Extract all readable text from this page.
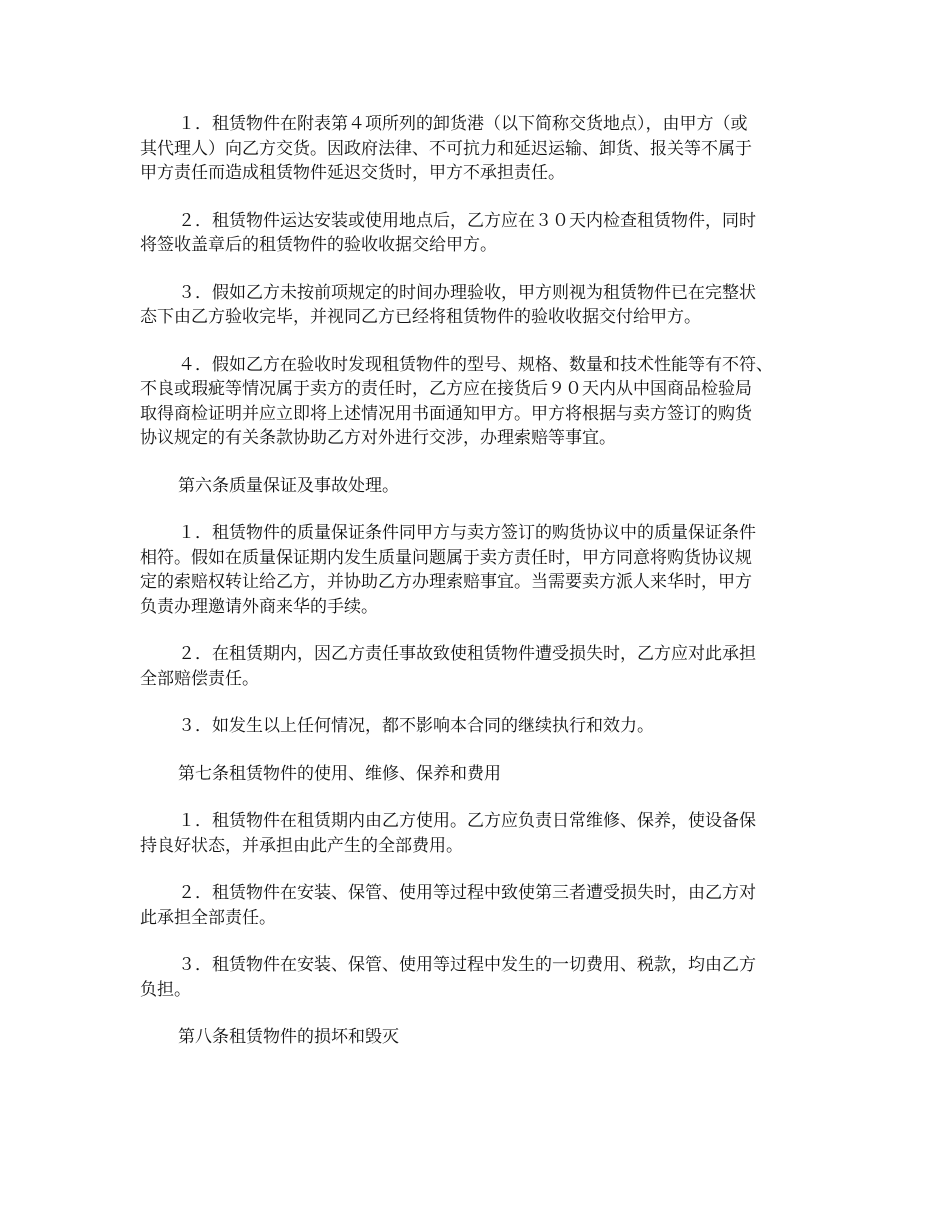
１．租赁物件在附表第４项所列的卸货港（以下简称交货地点），由甲方（或
其代理人）向乙方交货。因政府法律、不可抗力和延迟运输、卸货、报关等不属于
甲方责任而造成租赁物件延迟交货时，甲方不承担责任。
２．租赁物件运达安装或使用地点后，乙方应在３０天内检查租赁物件，同时
将签收盖章后的租赁物件的验收收据交给甲方。
３．假如乙方未按前项规定的时间办理验收，甲方则视为租赁物件已在完整状
态下由乙方验收完毕，并视同乙方已经将租赁物件的验收收据交付给甲方。
４．假如乙方在验收时发现租赁物件的型号、规格、数量和技术性能等有不符、
不良或瑕疵等情况属于卖方的责任时，乙方应在接货后９０天内从中国商品检验局
取得商检证明并应立即将上述情况用书面通知甲方。甲方将根据与卖方签订的购货
协议规定的有关条款协助乙方对外进行交涉，办理索赔等事宜。
第六条质量保证及事故处理。
１．租赁物件的质量保证条件同甲方与卖方签订的购货协议中的质量保证条件
相符。假如在质量保证期内发生质量问题属于卖方责任时，甲方同意将购货协议规
定的索赔权转让给乙方，并协助乙方办理索赔事宜。当需要卖方派人来华时，甲方
负责办理邀请外商来华的手续。
２．在租赁期内，因乙方责任事故致使租赁物件遭受损失时，乙方应对此承担
全部赔偿责任。
３．如发生以上任何情况，都不影响本合同的继续执行和效力。
第七条租赁物件的使用、维修、保养和费用
１．租赁物件在租赁期内由乙方使用。乙方应负责日常维修、保养，使设备保
持良好状态，并承担由此产生的全部费用。
２．租赁物件在安装、保管、使用等过程中致使第三者遭受损失时，由乙方对
此承担全部责任。
３．租赁物件在安装、保管、使用等过程中发生的一切费用、税款，均由乙方
负担。
第八条租赁物件的损坏和毁灭
